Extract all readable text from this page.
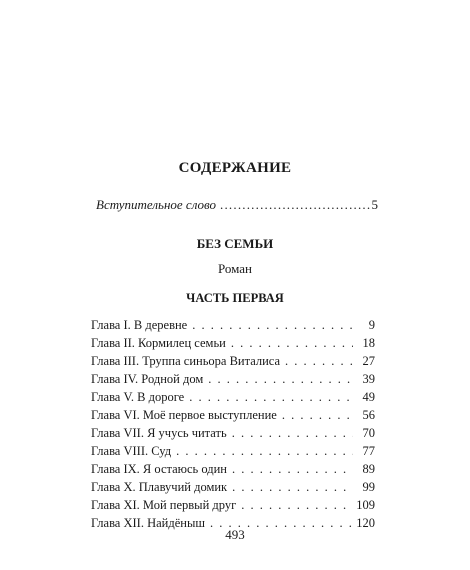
СОДЕРЖАНИЕ
Вступительное слово .....	5
БЕЗ СЕМЬИ
Роман
ЧАСТЬ ПЕРВАЯ
Глава I. В деревне . . .	9
Глава II. Кормилец семьи . . .	18
Глава III. Труппа синьора Виталиса . . .	27
Глава IV. Родной дом . . .	39
Глава V. В дороге . . .	49
Глава VI. Моё первое выступление . . .	56
Глава VII. Я учусь читать . . .	70
Глава VIII. Суд . . .	77
Глава IX. Я остаюсь один . . .	89
Глава X. Плавучий домик . . .	99
Глава XI. Мой первый друг . . .	109
Глава XII. Найдёныш . . .	120
493
